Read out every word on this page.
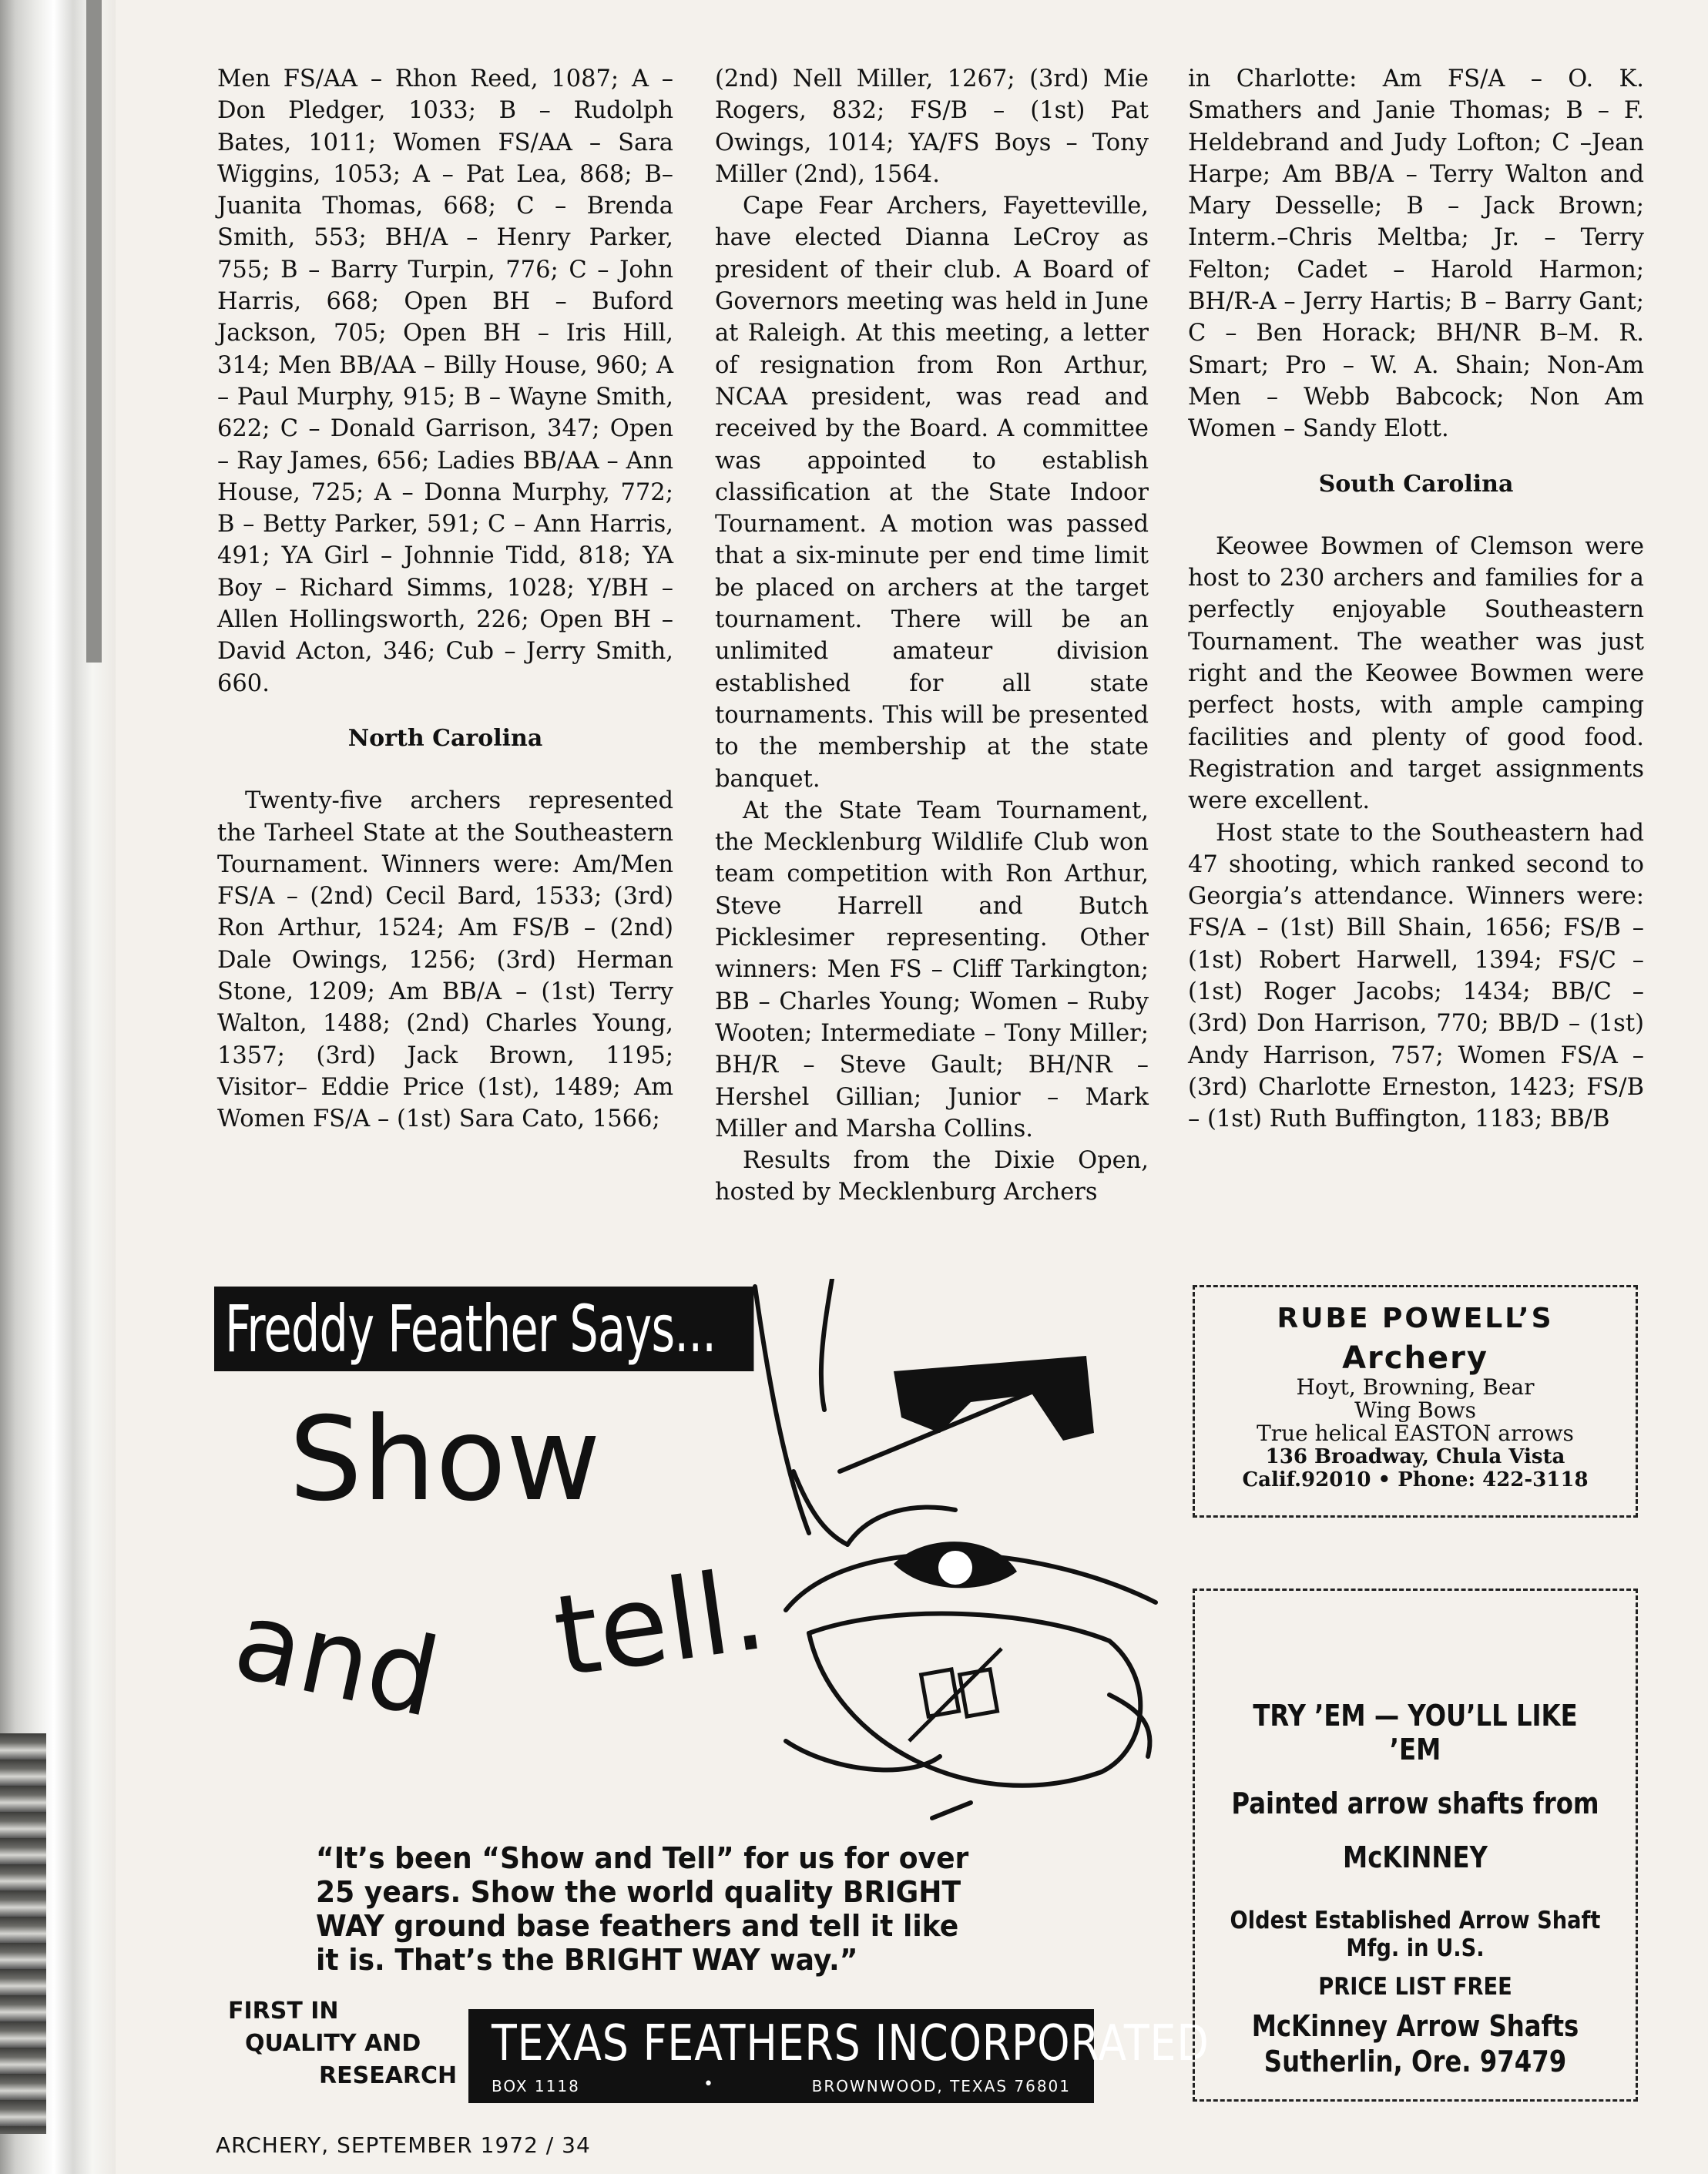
Men FS/AA – Rhon Reed, 1087; A – Don Pledger, 1033; B – Rudolph Bates, 1011; Women FS/AA – Sara Wiggins, 1053; A – Pat Lea, 868; B–Juanita Thomas, 668; C – Brenda Smith, 553; BH/A – Henry Parker, 755; B – Barry Turpin, 776; C – John Harris, 668; Open BH – Buford Jackson, 705; Open BH – Iris Hill, 314; Men BB/AA – Billy House, 960; A – Paul Murphy, 915; B – Wayne Smith, 622; C – Donald Garrison, 347; Open – Ray James, 656; Ladies BB/AA – Ann House, 725; A – Donna Murphy, 772; B – Betty Parker, 591; C – Ann Harris, 491; YA Girl – Johnnie Tidd, 818; YA Boy – Richard Simms, 1028; Y/BH – Allen Hollingsworth, 226; Open BH – David Acton, 346; Cub – Jerry Smith, 660.

North Carolina

Twenty-five archers represented the Tarheel State at the Southeastern Tournament. Winners were: Am/Men FS/A – (2nd) Cecil Bard, 1533; (3rd) Ron Arthur, 1524; Am FS/B – (2nd) Dale Owings, 1256; (3rd) Herman Stone, 1209; Am BB/A – (1st) Terry Walton, 1488; (2nd) Charles Young, 1357; (3rd) Jack Brown, 1195; Visitor– Eddie Price (1st), 1489; Am Women FS/A – (1st) Sara Cato, 1566;

(2nd) Nell Miller, 1267; (3rd) Mie Rogers, 832; FS/B – (1st) Pat Owings, 1014; YA/FS Boys – Tony Miller (2nd), 1564.

Cape Fear Archers, Fayetteville, have elected Dianna LeCroy as president of their club. A Board of Governors meeting was held in June at Raleigh. At this meeting, a letter of resignation from Ron Arthur, NCAA president, was read and received by the Board. A committee was appointed to establish classification at the State Indoor Tournament. A motion was passed that a six-minute per end time limit be placed on archers at the target tournament. There will be an unlimited amateur division established for all state tournaments. This will be presented to the membership at the state banquet.

At the State Team Tournament, the Mecklenburg Wildlife Club won team competition with Ron Arthur, Steve Harrell and Butch Picklesimer representing. Other winners: Men FS – Cliff Tarkington; BB – Charles Young; Women – Ruby Wooten; Intermediate – Tony Miller; BH/R – Steve Gault; BH/NR – Hershel Gillian; Junior – Mark Miller and Marsha Collins.

Results from the Dixie Open, hosted by Mecklenburg Archers

in Charlotte: Am FS/A – O. K. Smathers and Janie Thomas; B – F. Heldebrand and Judy Lofton; C –Jean Harpe; Am BB/A – Terry Walton and Mary Desselle; B – Jack Brown; Interm.–Chris Meltba; Jr. – Terry Felton; Cadet – Harold Harmon; BH/R-A – Jerry Hartis; B – Barry Gant; C – Ben Horack; BH/NR B–M. R. Smart; Pro – W. A. Shain; Non-Am Men – Webb Babcock; Non Am Women – Sandy Elott.

South Carolina

Keowee Bowmen of Clemson were host to 230 archers and families for a perfectly enjoyable Southeastern Tournament. The weather was just right and the Keowee Bowmen were perfect hosts, with ample camping facilities and plenty of good food. Registration and target assignments were excellent.

Host state to the Southeastern had 47 shooting, which ranked second to Georgia’s attendance. Winners were: FS/A – (1st) Bill Shain, 1656; FS/B – (1st) Robert Harwell, 1394; FS/C – (1st) Roger Jacobs; 1434; BB/C – (3rd) Don Harrison, 770; BB/D – (1st) Andy Harrison, 757; Women FS/A – (3rd) Charlotte Erneston, 1423; FS/B – (1st) Ruth Buffington, 1183; BB/B

Freddy Feather Says...
Show
and tell.
“It’s been “Show and Tell” for us for over 25 years. Show the world quality BRIGHT WAY ground base feathers and tell it like it is. That’s the BRIGHT WAY way.”
FIRST IN
QUALITY AND
RESEARCH
TEXAS FEATHERS INCORPORATED
BOX 1118	•	BROWNWOOD, TEXAS 76801
RUBE POWELL’S
Archery
Hoyt, Browning, Bear
Wing Bows
True helical EASTON arrows
136 Broadway, Chula Vista
Calif.92010 • Phone: 422-3118
TRY ’EM — YOU’LL LIKE ’EM
Painted arrow shafts from
McKINNEY
Oldest Established Arrow Shaft Mfg. in U.S.
PRICE LIST FREE
McKinney Arrow Shafts Sutherlin, Ore. 97479
ARCHERY, SEPTEMBER 1972 / 34
